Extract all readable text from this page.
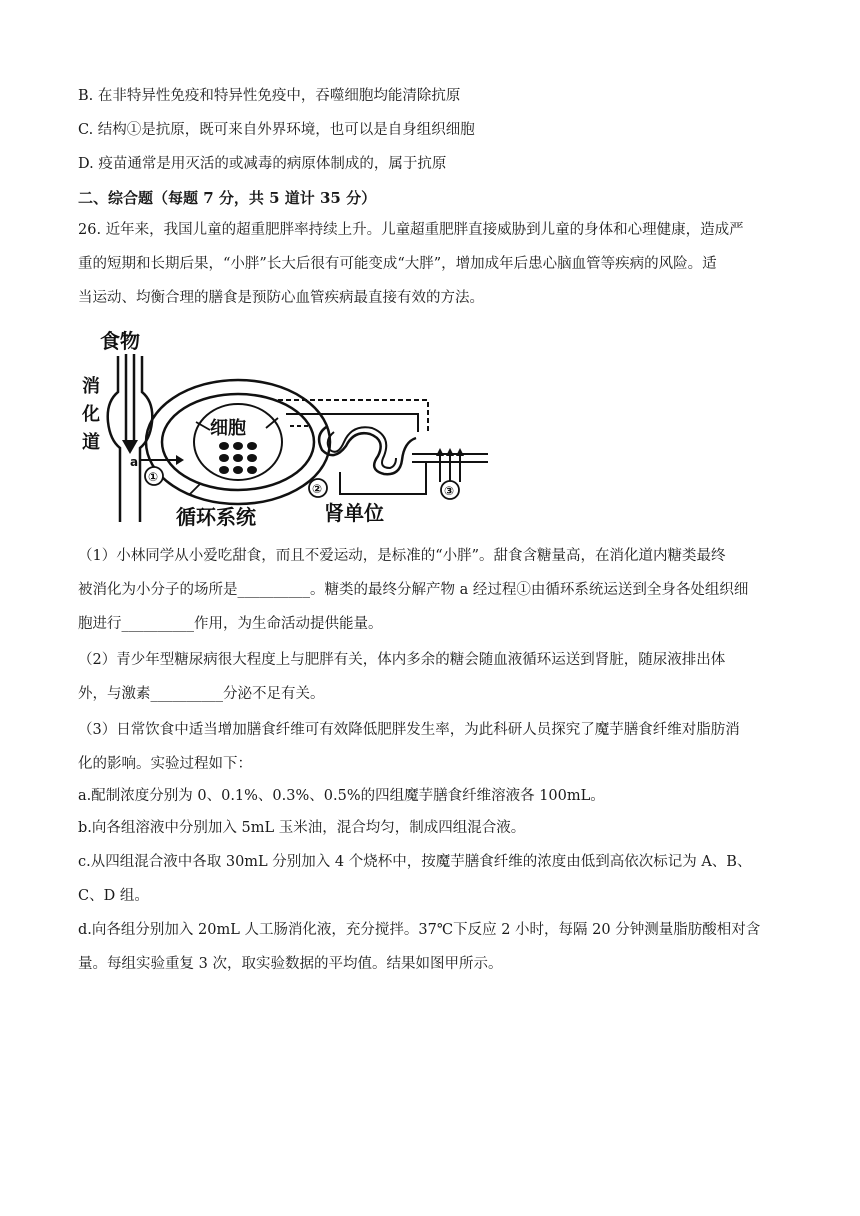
B. 在非特异性免疫和特异性免疫中，吞噬细胞均能清除抗原
C. 结构①是抗原，既可来自外界环境，也可以是自身组织细胞
D. 疫苗通常是用灭活的或减毒的病原体制成的，属于抗原
二、综合题（每题 7 分，共 5 道计 35 分）
26. 近年来，我国儿童的超重肥胖率持续上升。儿童超重肥胖直接威胁到儿童的身体和心理健康，造成严
重的短期和长期后果，“小胖”长大后很有可能变成“大胖”，增加成年后患心脑血管等疾病的风险。适
当运动、均衡合理的膳食是预防心血管疾病最直接有效的方法。
食物
消
化
道
a
细胞
①
②	③
循环系统	肾单位
（1）小林同学从小爱吃甜食，而且不爱运动，是标准的“小胖”。甜食含糖量高，在消化道内糖类最终
被消化为小分子的场所是__________。糖类的最终分解产物 a 经过程①由循环系统运送到全身各处组织细
胞进行__________作用，为生命活动提供能量。
（2）青少年型糖尿病很大程度上与肥胖有关，体内多余的糖会随血液循环运送到肾脏，随尿液排出体
外，与激素__________分泌不足有关。
（3）日常饮食中适当增加膳食纤维可有效降低肥胖发生率，为此科研人员探究了魔芋膳食纤维对脂肪消
化的影响。实验过程如下：
a.配制浓度分别为 0、0.1%、0.3%、0.5%的四组魔芋膳食纤维溶液各 100mL。
b.向各组溶液中分别加入 5mL 玉米油，混合均匀，制成四组混合液。
c.从四组混合液中各取 30mL 分别加入 4 个烧杯中，按魔芋膳食纤维的浓度由低到高依次标记为 A、B、
C、D 组。
d.向各组分别加入 20mL 人工肠消化液，充分搅拌。37℃下反应 2 小时，每隔 20 分钟测量脂肪酸相对含
量。每组实验重复 3 次，取实验数据的平均值。结果如图甲所示。
